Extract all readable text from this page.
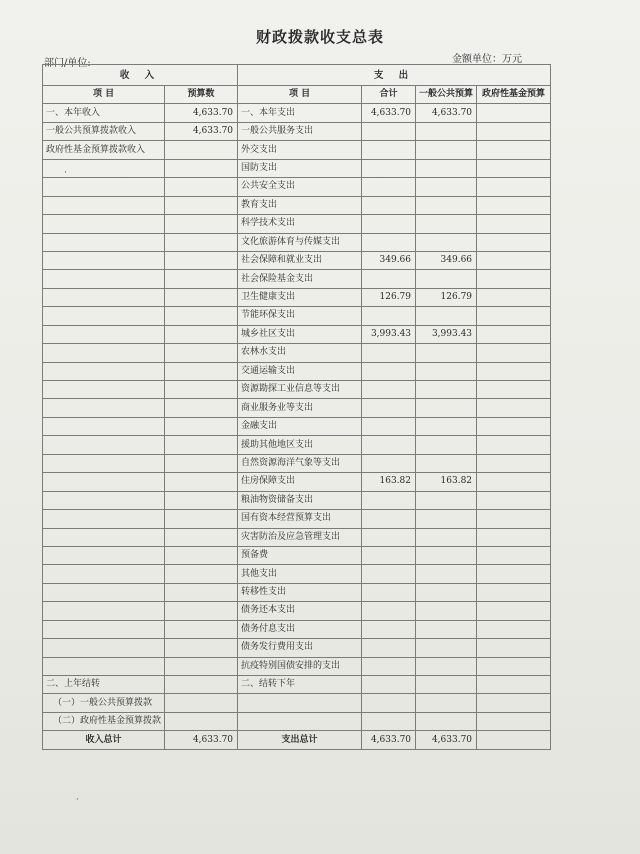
财政拨款收支总表
部门/单位:	金额单位：万元
收 入		支 出			
项 目	预算数	项 目	合计	一般公共预算	政府性基金预算
一、本年收入	4,633.70	一、本年支出	4,633.70	4,633.70	
一般公共预算拨款收入	4,633.70	一般公共服务支出			
政府性基金预算拨款收入		外交支出			
		国防支出			
		公共安全支出			
		教育支出			
		科学技术支出			
		文化旅游体育与传媒支出			
		社会保障和就业支出	349.66	349.66	
		社会保险基金支出			
		卫生健康支出	126.79	126.79	
		节能环保支出			
		城乡社区支出	3,993.43	3,993.43	
		农林水支出			
		交通运输支出			
		资源勘探工业信息等支出			
		商业服务业等支出			
		金融支出			
		援助其他地区支出			
		自然资源海洋气象等支出			
		住房保障支出	163.82	163.82	
		粮油物资储备支出			
		国有资本经营预算支出			
		灾害防治及应急管理支出			
		预备费			
		其他支出			
		转移性支出			
		债务还本支出			
		债务付息支出			
		债务发行费用支出			
		抗疫特别国债安排的支出			
二、上年结转		二、结转下年			
（一）一般公共预算拨款					
（二）政府性基金预算拨款					
收入总计	4,633.70	支出总计	4,633.70	4,633.70	
·
·
